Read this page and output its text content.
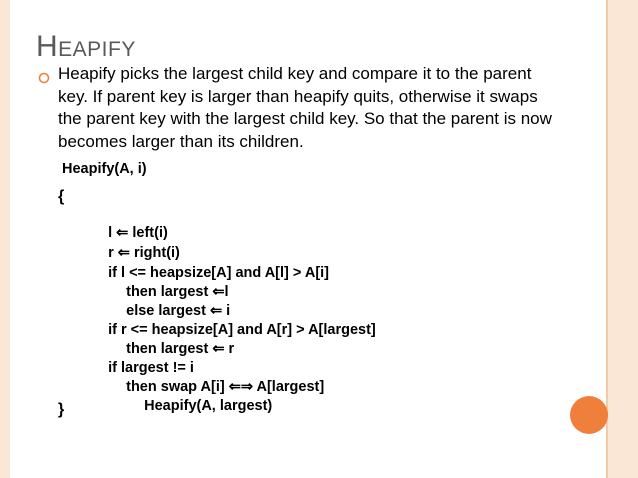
Heapify
Heapify picks the largest child key and compare it to the parent key. If parent key is larger than heapify quits, otherwise it swaps the parent key with the largest child key. So that the parent is now becomes larger than its children.
Heapify(A, i)
{

l ⇐ left(i)

r ⇐ right(i)

if l <= heapsize[A] and A[l] > A[i]

then largest ⇐l

else largest ⇐ i

if r <= heapsize[A] and A[r] > A[largest]

then largest ⇐ r

if largest != i

then swap A[i] ⇐⇒ A[largest]

Heapify(A, largest)

}
